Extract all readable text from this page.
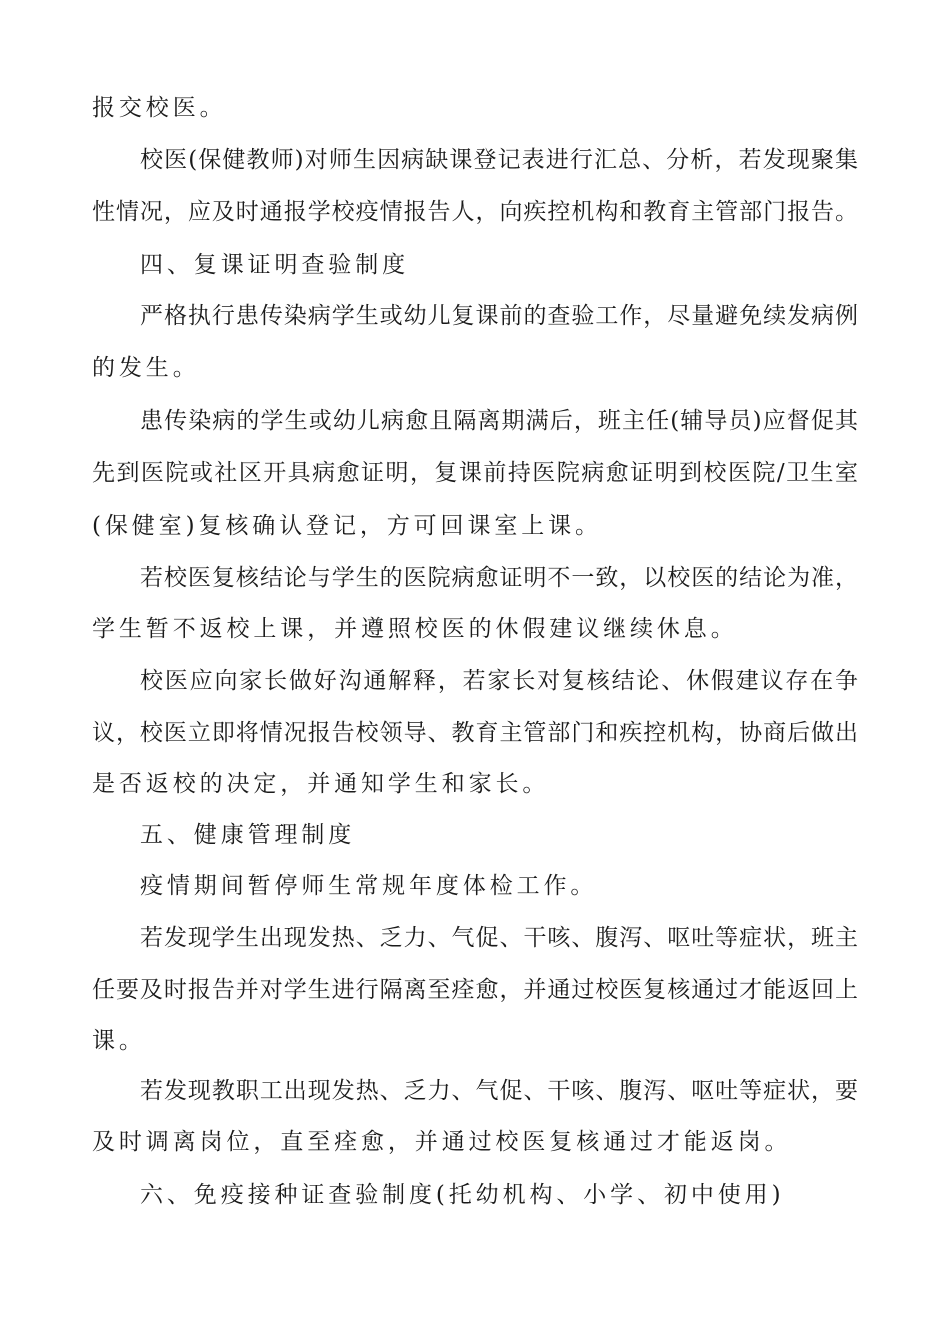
报交校医。
校医(保健教师)对师生因病缺课登记表进行汇总、分析，若发现聚集
性情况，应及时通报学校疫情报告人，向疾控机构和教育主管部门报告。
四、复课证明查验制度
严格执行患传染病学生或幼儿复课前的查验工作，尽量避免续发病例
的发生。
患传染病的学生或幼儿病愈且隔离期满后，班主任(辅导员)应督促其
先到医院或社区开具病愈证明，复课前持医院病愈证明到校医院/卫生室
(保健室)复核确认登记，方可回课室上课。
若校医复核结论与学生的医院病愈证明不一致，以校医的结论为准，
学生暂不返校上课，并遵照校医的休假建议继续休息。
校医应向家长做好沟通解释，若家长对复核结论、休假建议存在争
议，校医立即将情况报告校领导、教育主管部门和疾控机构，协商后做出
是否返校的决定，并通知学生和家长。
五、健康管理制度
疫情期间暂停师生常规年度体检工作。
若发现学生出现发热、乏力、气促、干咳、腹泻、呕吐等症状，班主
任要及时报告并对学生进行隔离至痊愈，并通过校医复核通过才能返回上
课。
若发现教职工出现发热、乏力、气促、干咳、腹泻、呕吐等症状，要
及时调离岗位，直至痊愈，并通过校医复核通过才能返岗。
六、免疫接种证查验制度(托幼机构、小学、初中使用)
